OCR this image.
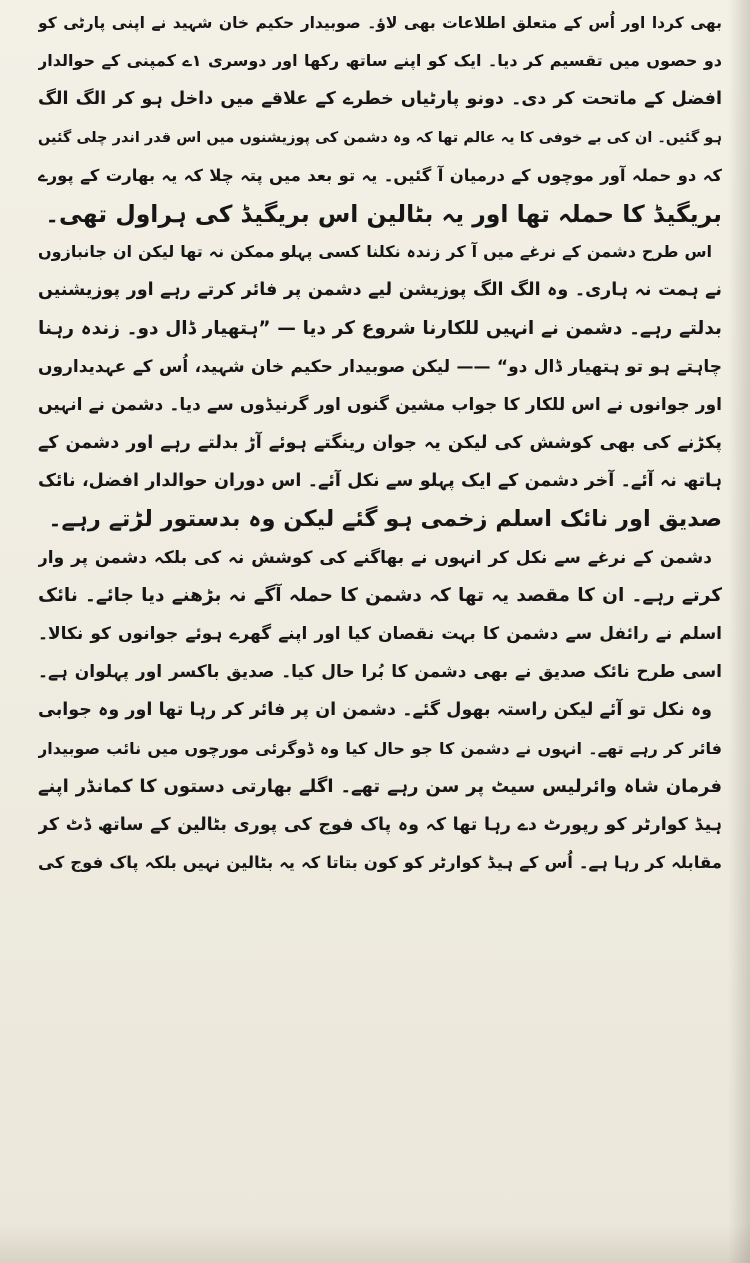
بھی کردا اور اُس کے متعلق اطلاعات بھی لاؤ۔ صوبیدار حکیم خان شہید نے اپنی پارٹی کو
دو حصوں میں تقسیم کر دیا۔ ایک کو اپنے ساتھ رکھا اور دوسری ۱ے کمپنی کے حوالدار
افضل کے ماتحت کر دی۔ دونو پارٹیاں خطرے کے علاقے میں داخل ہو کر الگ الگ
ہو گئیں۔ ان کی بے خوفی کا یہ عالم تھا کہ وہ دشمن کی پوزیشنوں میں اس قدر اندر چلی گئیں
کہ دو حملہ آور موچوں کے درمیان آ گئیں۔ یہ تو بعد میں پتہ چلا کہ یہ بھارت کے پورے
بریگیڈ کا حملہ تھا اور یہ بٹالین اس بریگیڈ کی ہراول تھی۔
اس طرح دشمن کے نرغے میں آ کر زندہ نکلنا کسی پہلو ممکن نہ تھا لیکن ان جانبازوں
نے ہمت نہ ہاری۔ وہ الگ الگ پوزیشن لیے دشمن پر فائر کرتے رہے اور پوزیشنیں
بدلتے رہے۔ دشمن نے انہیں للکارنا شروع کر دیا — ”ہتھیار ڈال دو۔ زندہ رہنا
چاہتے ہو تو ہتھیار ڈال دو“ —— لیکن صوبیدار حکیم خان شہید، اُس کے عہدیداروں
اور جوانوں نے اس للکار کا جواب مشین گنوں اور گرنیڈوں سے دیا۔ دشمن نے انہیں
پکڑنے کی بھی کوشش کی لیکن یہ جوان رینگتے ہوئے آڑ بدلتے رہے اور دشمن کے
ہاتھ نہ آئے۔ آخر دشمن کے ایک پہلو سے نکل آئے۔ اس دوران حوالدار افضل، نائک
صدیق اور نائک اسلم زخمی ہو گئے لیکن وہ بدستور لڑتے رہے۔
دشمن کے نرغے سے نکل کر انہوں نے بھاگنے کی کوشش نہ کی بلکہ دشمن پر وار
کرتے رہے۔ ان کا مقصد یہ تھا کہ دشمن کا حملہ آگے نہ بڑھنے دیا جائے۔ نائک
اسلم نے رائفل سے دشمن کا بہت نقصان کیا اور اپنے گھرے ہوئے جوانوں کو نکالا۔
اسی طرح نائک صدیق نے بھی دشمن کا بُرا حال کیا۔ صدیق باکسر اور پہلوان ہے۔
وہ نکل تو آئے لیکن راستہ بھول گئے۔ دشمن ان پر فائر کر رہا تھا اور وہ جوابی
فائر کر رہے تھے۔ انہوں نے دشمن کا جو حال کیا وہ ڈوگرئی مورچوں میں نائب صوبیدار
فرمان شاہ وائرلیس سیٹ پر سن رہے تھے۔ اگلے بھارتی دستوں کا کمانڈر اپنے
ہیڈ کوارٹر کو رپورٹ دے رہا تھا کہ وہ پاک فوج کی پوری بٹالین کے ساتھ ڈٹ کر
مقابلہ کر رہا ہے۔ اُس کے ہیڈ کوارٹر کو کون بتاتا کہ یہ بٹالین نہیں بلکہ پاک فوج کی
